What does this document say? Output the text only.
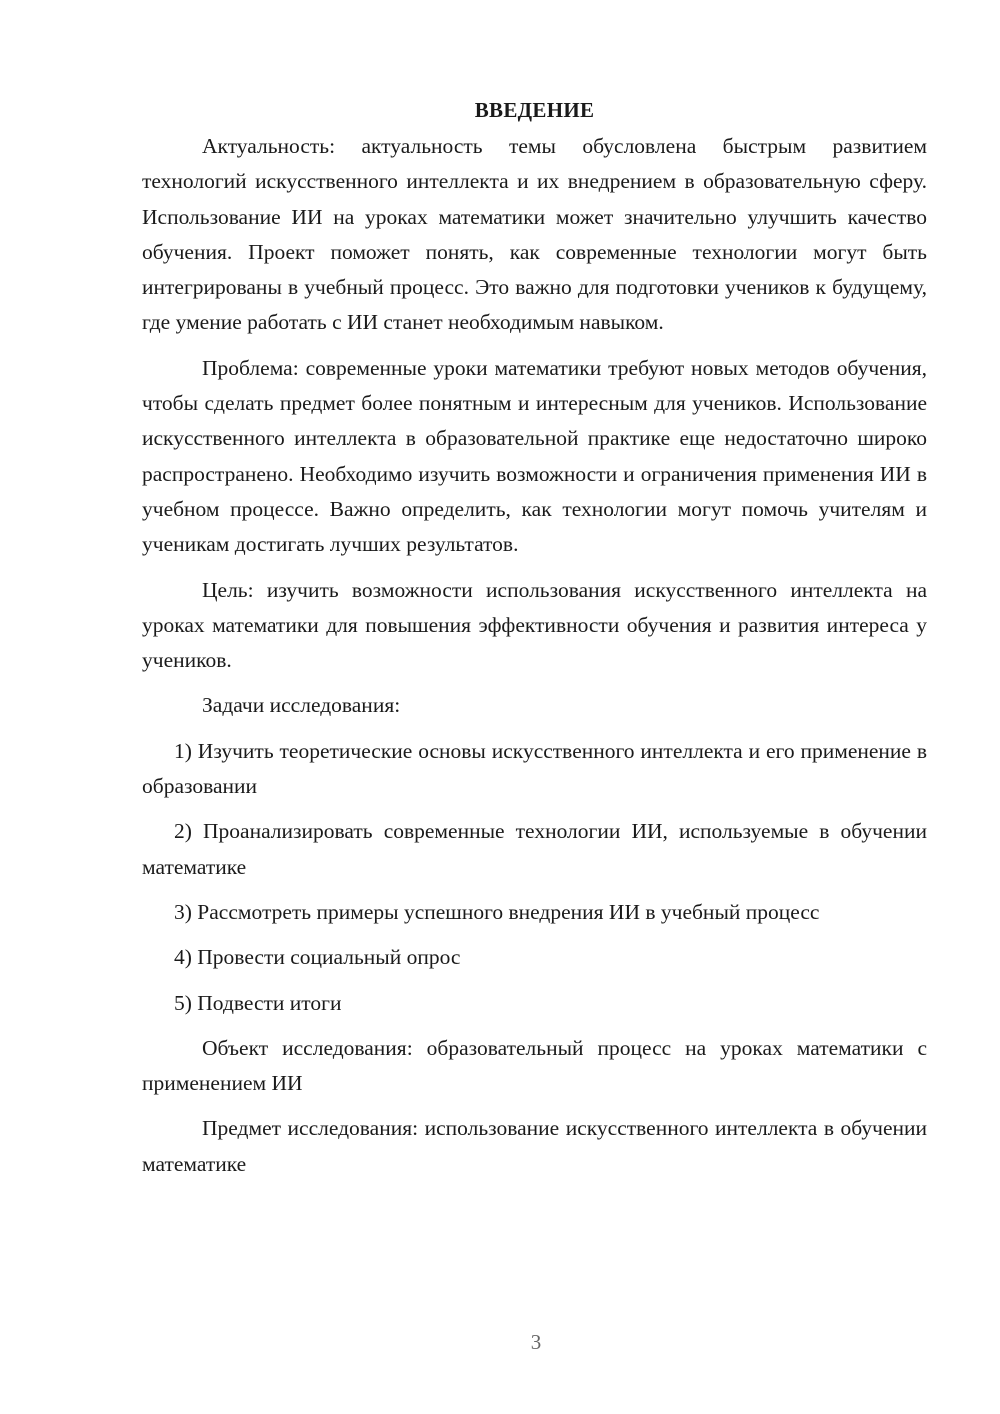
ВВЕДЕНИЕ

Актуальность: актуальность темы обусловлена быстрым развитием технологий искусственного интеллекта и их внедрением в образовательную сферу. Использование ИИ на уроках математики может значительно улучшить качество обучения. Проект поможет понять, как современные технологии могут быть интегрированы в учебный процесс. Это важно для подготовки учеников к будущему, где умение работать с ИИ станет необходимым навыком.

Проблема: современные уроки математики требуют новых методов обучения, чтобы сделать предмет более понятным и интересным для учеников. Использование искусственного интеллекта в образовательной практике еще недостаточно широко распространено. Необходимо изучить возможности и ограничения применения ИИ в учебном процессе. Важно определить, как технологии могут помочь учителям и ученикам достигать лучших результатов.

Цель: изучить возможности использования искусственного интеллекта на уроках математики для повышения эффективности обучения и развития интереса у учеников.

Задачи исследования:

1) Изучить теоретические основы искусственного интеллекта и его применение в образовании

2) Проанализировать современные технологии ИИ, используемые в обучении математике

3) Рассмотреть примеры успешного внедрения ИИ в учебный процесс

4) Провести социальный опрос

5) Подвести итоги

Объект исследования: образовательный процесс на уроках математики с применением ИИ

Предмет исследования: использование искусственного интеллекта в обучении математике

3
